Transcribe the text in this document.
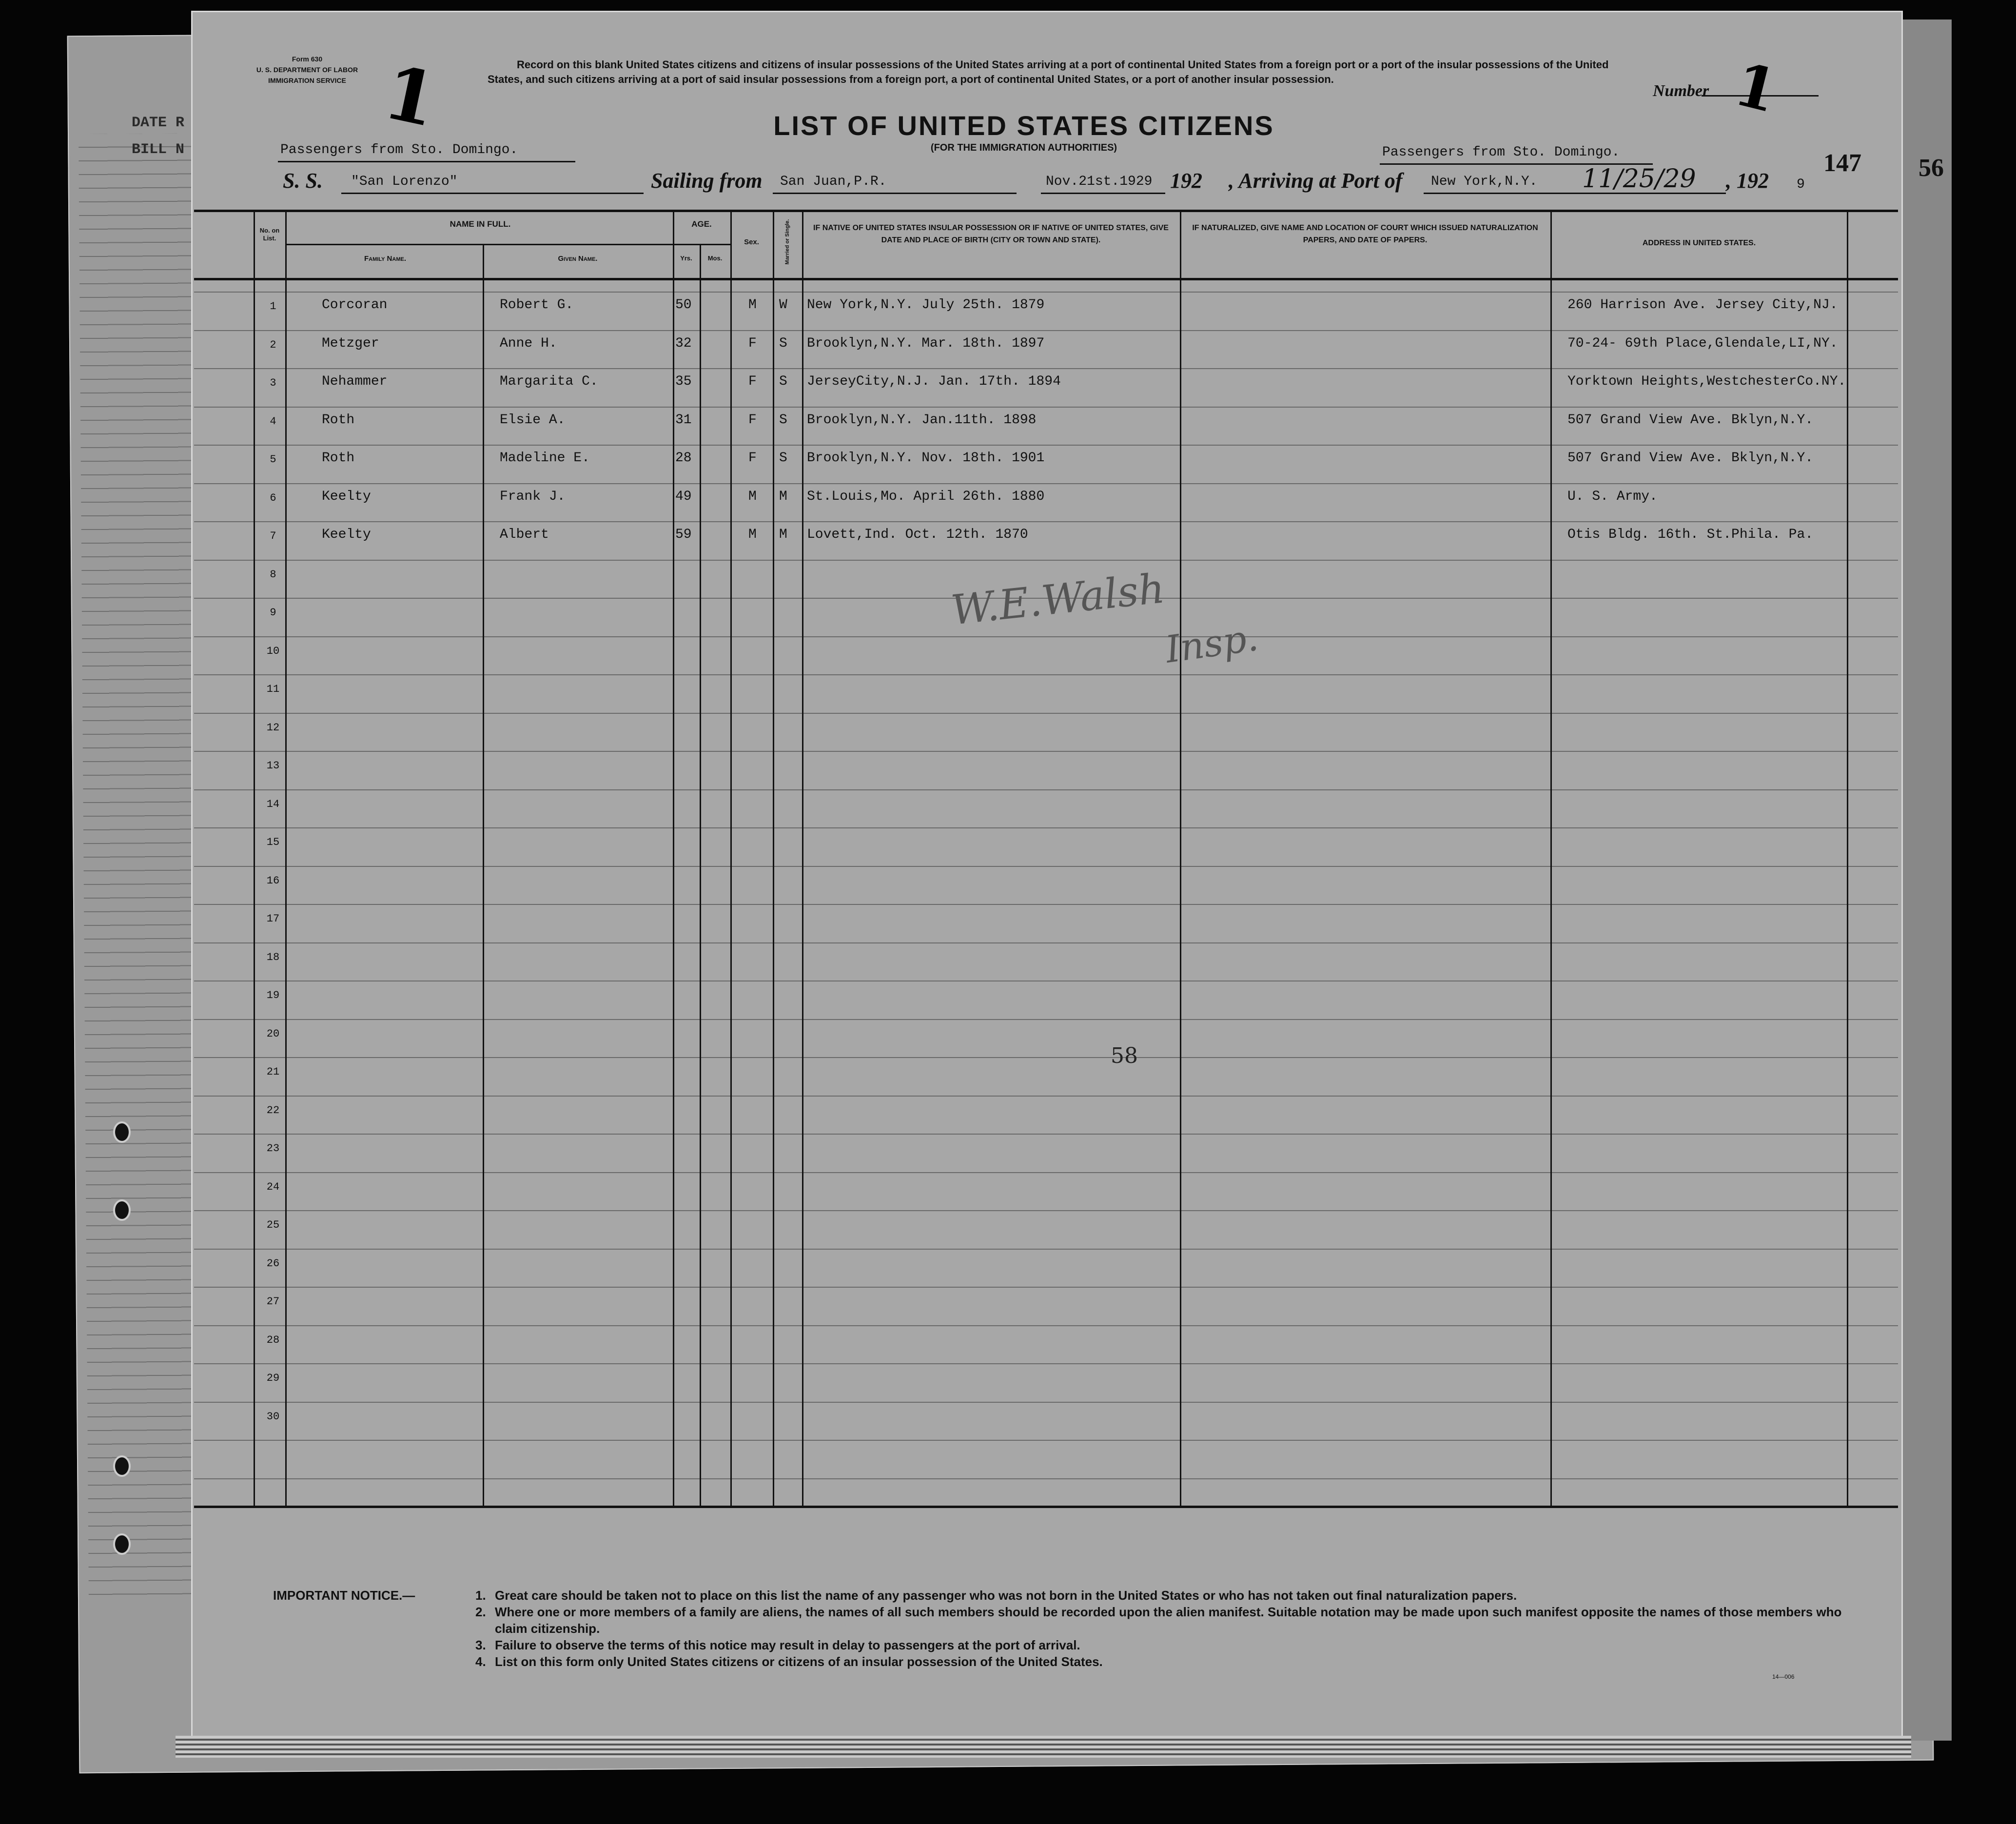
DATE R
BILL N
56
Form 630
U. S. DEPARTMENT OF LABOR
IMMIGRATION SERVICE 1	Record on this blank United States citizens and citizens of insular possessions of the United States arriving at a port of continental United States from a foreign port or a port of the insular possessions of the United States, and such citizens arriving at a port of said insular possessions from a foreign port, a port of continental United States, or a port of another insular possession.
Number 1
147
LIST OF UNITED STATES CITIZENS
(FOR THE IMMIGRATION AUTHORITIES)
Passengers from Sto. Domingo.	Passengers from Sto. Domingo.
S. S. "San Lorenzo"	Sailing from San Juan,P.R.	Nov.21st.1929 192 , Arriving at Port of New York,N.Y. 11/25/29 , 192 9
No. on List.
NAME IN FULL.
Family Name.	Given Name.
AGE.
Yrs.	Mos.
Sex.	Married or Single.	IF NATIVE OF UNITED STATES INSULAR POSSESSION OR IF NATIVE OF UNITED STATES, GIVE DATE AND PLACE OF BIRTH (CITY OR TOWN AND STATE).
IF NATURALIZED, GIVE NAME AND LOCATION OF COURT WHICH ISSUED NATURALIZATION PAPERS, AND DATE OF PAPERS.	ADDRESS IN UNITED STATES.
1	Corcoran	Robert G.	50	M W New York,N.Y. July 25th. 1879	260 Harrison Ave. Jersey City,NJ.
2	Metzger	Anne H.	32	F S Brooklyn,N.Y. Mar. 18th. 1897	70-24- 69th Place,Glendale,LI,NY.
3	Nehammer	Margarita C.	35	F S JerseyCity,N.J. Jan. 17th. 1894	Yorktown Heights,WestchesterCo.NY.
4	Roth	Elsie A.	31	F S Brooklyn,N.Y. Jan.11th. 1898	507 Grand View Ave. Bklyn,N.Y.
5	Roth	Madeline E.	28	F S Brooklyn,N.Y. Nov. 18th. 1901	507 Grand View Ave. Bklyn,N.Y.
6	Keelty	Frank J.	49	M M St.Louis,Mo. April 26th. 1880	U. S. Army.
7	Keelty	Albert	59	M M Lovett,Ind. Oct. 12th. 1870	Otis Bldg. 16th. St.Phila. Pa.
8
9
10
11
12
13
14
15
16
17
18
19
20
21
22
23
24
25
26
27
28
29
30
W.E.Walsh
Insp.
58
IMPORTANT NOTICE.—	1. Great care should be taken not to place on this list the name of any passenger who was not born in the United States or who has not taken out final naturalization papers.
2. Where one or more members of a family are aliens, the names of all such members should be recorded upon the alien manifest. Suitable notation may be made upon such manifest opposite the names of those members who claim citizenship.
3. Failure to observe the terms of this notice may result in delay to passengers at the port of arrival.
4. List on this form only United States citizens or citizens of an insular possession of the United States.
14—006
